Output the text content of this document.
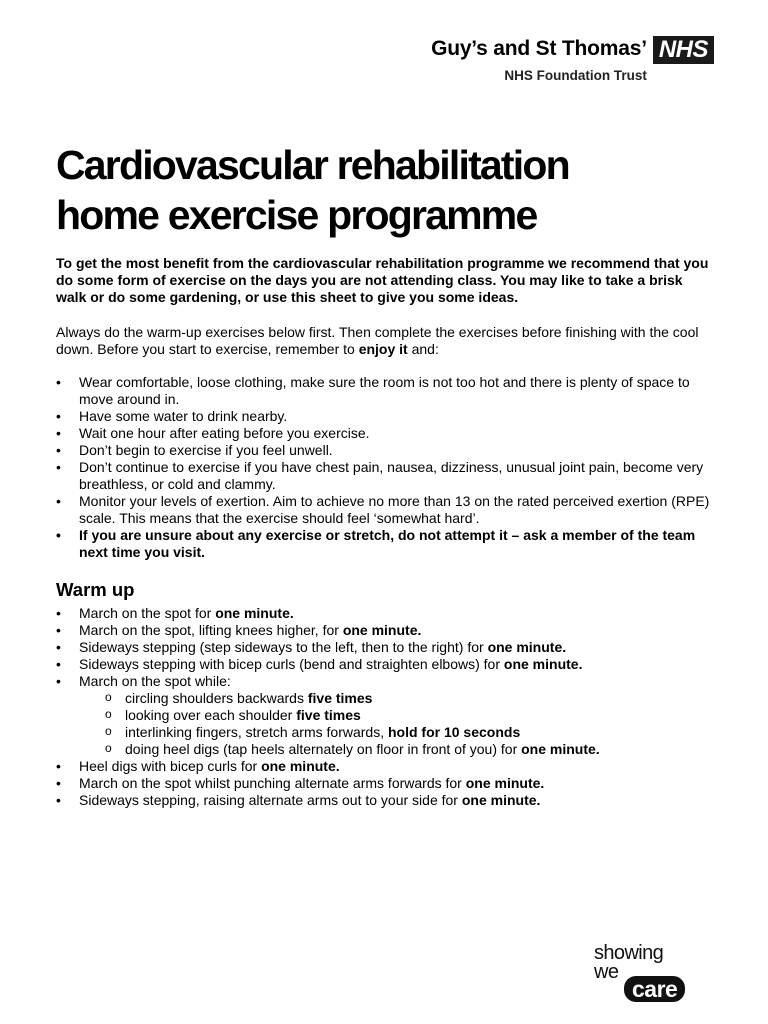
Guy’s and St Thomas’
NHS Foundation Trust
NHS
Cardiovascular rehabilitation
home exercise programme

To get the most benefit from the cardiovascular rehabilitation programme we recommend that you do some form of exercise on the days you are not attending class. You may like to take a brisk walk or do some gardening, or use this sheet to give you some ideas.

Always do the warm-up exercises below first. Then complete the exercises before finishing with the cool down. Before you start to exercise, remember to enjoy it and:

• Wear comfortable, loose clothing, make sure the room is not too hot and there is plenty of space to move around in.
• Have some water to drink nearby.
• Wait one hour after eating before you exercise.
• Don’t begin to exercise if you feel unwell.
• Don’t continue to exercise if you have chest pain, nausea, dizziness, unusual joint pain, become very breathless, or cold and clammy.
• Monitor your levels of exertion. Aim to achieve no more than 13 on the rated perceived exertion (RPE) scale. This means that the exercise should feel ‘somewhat hard’.
• If you are unsure about any exercise or stretch, do not attempt it – ask a member of the team next time you visit.
Warm up
• March on the spot for one minute.
• March on the spot, lifting knees higher, for one minute.
• Sideways stepping (step sideways to the left, then to the right) for one minute.
• Sideways stepping with bicep curls (bend and straighten elbows) for one minute.
• March on the spot while:
o circling shoulders backwards five times
o looking over each shoulder five times
o interlinking fingers, stretch arms forwards, hold for 10 seconds
o doing heel digs (tap heels alternately on floor in front of you) for one minute.
• Heel digs with bicep curls for one minute.
• March on the spot whilst punching alternate arms forwards for one minute.
• Sideways stepping, raising alternate arms out to your side for one minute.
showing
we
care
